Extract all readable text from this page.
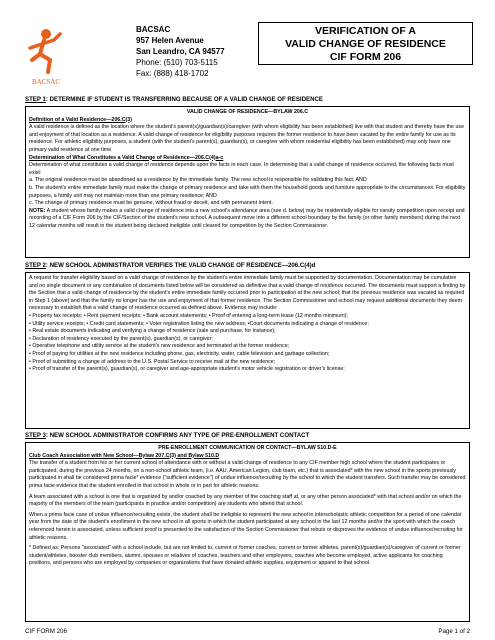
BACSAC
BACSAC
957 Helen Avenue
San Leandro, CA 94577
Phone: (510) 703-5115
Fax: (888) 418-1702
VERIFICATION OF A
VALID CHANGE OF RESIDENCE
CIF FORM 206
STEP 1: DETERMINE IF STUDENT IS TRANSFERRING BECAUSE OF A VALID CHANGE OF RESIDENCE

VALID CHANGE OF RESIDENCE—BYLAW 206.C

Definition of a Valid Residence—206.C(3)

A valid residence is defined as the location where the student's parent(s)/guardian(s)/caregiver (with whom eligibility has been established) live with that student and thereby have the use and enjoyment of that location as a residence. A valid change of residence for eligibility purposes requires the former residence to have been vacated by the entire family for use as its residence. For athletic eligibility purposes, a student (with the student's parent(s), guardian(s), or caregiver with whom residential eligibility has been established) may only have one primary valid residence at one time.

Determination of What Constitutes a Valid Change of Residence—206.C(4)a-c

Determination of what constitutes a valid change of residence depends upon the facts in each case. In determining that a valid change of residence occurred, the following facts must exist:

a. The original residence must be abandoned as a residence by the immediate family. The new school is responsible for validating this fact; AND

b. The student's entire immediate family must make the change of primary residence and take with them the household goods and furniture appropriate to the circumstances. For eligibility purposes, a family unit may not maintain more than one primary residence; AND

c. The change of primary residence must be genuine, without fraud or deceit, and with permanent intent.

NOTE: A student whose family makes a valid change of residence into a new school's attendance area (see d. below) may be residentially eligible for varsity competition upon receipt and recording of a CIF Form 206 by the CIF/Section of the student's new school. A subsequent move into a different school boundary by the family (or other family members) during the next 12 calendar months will result in the student being declared ineligible until cleared for competition by the Section Commissioner.

STEP 2: NEW SCHOOL ADMINISTRATOR VERIFIES THE VALID CHANGE OF RESIDENCE—206.C(4)d

A request for transfer eligibility based on a valid change of residence by the student's entire immediate family must be supported by documentation. Documentation may be cumulative and no single document or any combination of documents listed below will be considered as definitive that a valid change of residence occurred. The documents must support a finding by the Section that a valid change of residence by the student's entire immediate family occurred prior to participation at the new school; that the previous residence was vacated as required in Step 1 (above) and that the family no longer has the use and enjoyment of that former residence. The Section Commissioner and school may request additional documents they deem necessary to establish that a valid change of residence occurred as defined above. Evidence may include:

• Property tax receipts; • Rent payment receipts; • Bank account statements; • Proof of entering a long-term lease (12 months minimum);

• Utility service receipts; • Credit card statements; • Voter registration listing the new address; •Court documents indicating a change of residence;

• Real estate documents indicating and verifying a change of residence (sale and purchase, for instance);

• Declaration of residency executed by the parent(s), guardian(s), or caregiver;

• Operative telephone and utility service at the student's new residence and terminated at the former residence;

• Proof of paying for utilities at the new residence including phone, gas, electricity, water, cable television and garbage collection;

• Proof of submitting a change of address to the U.S. Postal Service to receive mail at the new residence;

• Proof of transfer of the parent(s), guardian(s), or caregiver and age-appropriate student's motor vehicle registration or driver's license;

STEP 3: NEW SCHOOL ADMINISTRATOR CONFIRMS ANY TYPE OF PRE-ENROLLMENT CONTACT

PRE-ENROLLMENT COMMUNICATION OR CONTACT—BYLAW 510.D-E

Club Coach Association with New School—Bylaw 207.C(3) and Bylaw 510.D

The transfer of a student from his or her current school of attendance with or without a valid change of residence to any CIF member high school where the student participates or participated, during the previous 24 months, on a non-school athletic team, (i.e. AAU, American Legion, club team, etc.) that is associated* with the new school in the sports previously participated in shall be considered prima facie* evidence ("sufficient evidence") of undue influence/recruiting by the school to which the student transfers. Such transfer may be considered prima facie evidence that the student enrolled in that school in whole or in part for athletic reasons.

A team associated with a school is one that is organized by and/or coached by any member of the coaching staff at, or any other person associated* with that school and/or on which the majority of the members of the team (participants in practice and/or competition) are students who attend that school.

When a prima facie case of undue influence/recruiting exists, the student shall be ineligible to represent the new school in interscholastic athletic competition for a period of one calendar year from the date of the student's enrollment in the new school in all sports in which the student participated at any school in the last 12 months and/or the sport with which the coach referenced herein is associated, unless sufficient proof is presented to the satisfaction of the Section Commissioner that rebuts or disproves the evidence of undue influence/recruiting for athletic reasons.

* Defined as: Persons "associated" with a school include, but are not limited to, current or former coaches, current or former athletes, parent(s)/guardian(s)/caregiver of current or former student/athletes, booster club members, alumni, spouses or relatives of coaches, teachers and other employees, coaches who become employed, active applicants for coaching positions, and persons who are employed by companies or organizations that have donated athletic supplies, equipment or apparel to that school.

CIF FORM 206	Page 1 of 2
